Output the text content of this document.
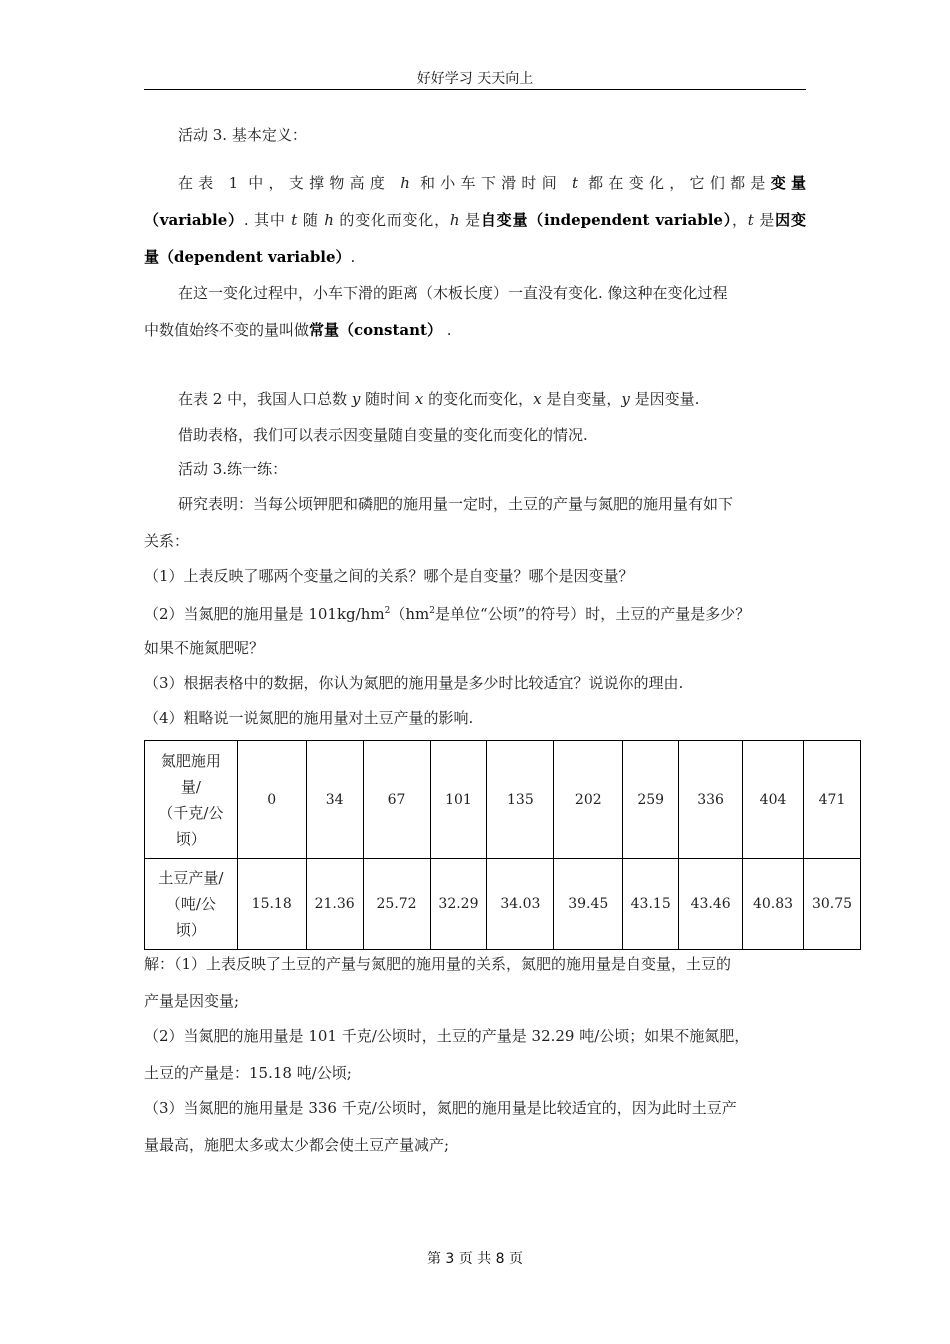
好好学习 天天向上
活动 3. 基本定义：
在表 1 中，支撑物高度 h 和小车下滑时间 t 都在变化，它们都是变量
（variable）. 其中 t 随 h 的变化而变化，h 是自变量（independent variable），t 是因变
量（dependent variable）.
在这一变化过程中，小车下滑的距离（木板长度）一直没有变化. 像这种在变化过程
中数值始终不变的量叫做常量（constant） .
在表 2 中，我国人口总数 y 随时间 x 的变化而变化，x 是自变量，y 是因变量.
借助表格，我们可以表示因变量随自变量的变化而变化的情况.
活动 3.练一练：
研究表明：当每公顷钾肥和磷肥的施用量一定时，土豆的产量与氮肥的施用量有如下
关系：
（1）上表反映了哪两个变量之间的关系？哪个是自变量？哪个是因变量？
（2）当氮肥的施用量是 $101kg/hm^2(hm^2$是单位“公顷”的符号）时，土豆的产量是多少？
如果不施氮肥呢？
（3）根据表格中的数据，你认为氮肥的施用量是多少时比较适宜？说说你的理由.
（4）粗略说一说氮肥的施用量对土豆产量的影响.
氮肥施用
量/
（千克/公
顷）	0	34	67	101	135	202	259	336	404	471

土豆产量/
（吨/公
顷）	15.18	21.36	25.72	32.29	34.03	39.45	43.15	43.46	40.83	30.75
解：（1）上表反映了土豆的产量与氮肥的施用量的关系，氮肥的施用量是自变量，土豆的
产量是因变量;
（2）当氮肥的施用量是 101 千克/公顷时，土豆的产量是 32.29 吨/公顷；如果不施氮肥，
土豆的产量是：15.18 吨/公顷;
（3）当氮肥的施用量是 336 千克/公顷时，氮肥的施用量是比较适宜的，因为此时土豆产
量最高，施肥太多或太少都会使土豆产量减产;
第 3 页 共 8 页
